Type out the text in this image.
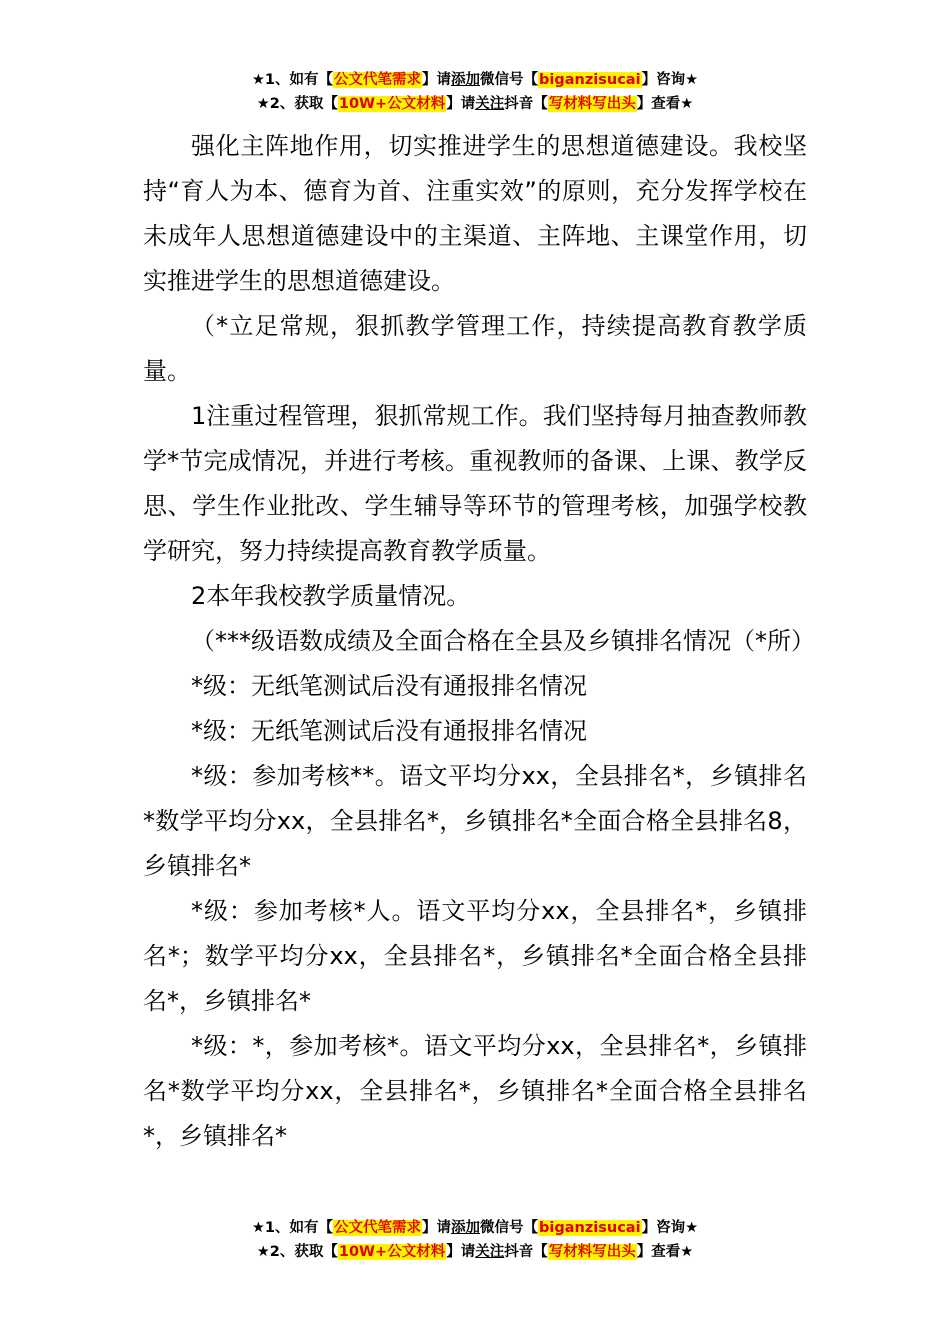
★1、如有【公文代笔需求】请添加微信号【biganzisucai】咨询★
★2、获取【10W+公文材料】请关注抖音【写材料写出头】查看★

强化主阵地作用，切实推进学生的思想道德建设。我校坚持“育人为本、德育为首、注重实效”的原则，充分发挥学校在未成年人思想道德建设中的主渠道、主阵地、主课堂作用，切实推进学生的思想道德建设。

（*立足常规，狠抓教学管理工作，持续提高教育教学质量。

1注重过程管理，狠抓常规工作。我们坚持每月抽查教师教学*节完成情况，并进行考核。重视教师的备课、上课、教学反思、学生作业批改、学生辅导等环节的管理考核，加强学校教学研究，努力持续提高教育教学质量。

2本年我校教学质量情况。

（***级语数成绩及全面合格在全县及乡镇排名情况（*所）

*级：无纸笔测试后没有通报排名情况

*级：无纸笔测试后没有通报排名情况

*级：参加考核**。语文平均分xx，全县排名*，乡镇排名*数学平均分xx，全县排名*，乡镇排名*全面合格全县排名8，乡镇排名*

*级：参加考核*人。语文平均分xx，全县排名*，乡镇排名*；数学平均分xx，全县排名*，乡镇排名*全面合格全县排名*，乡镇排名*

*级：*，参加考核*。语文平均分xx，全县排名*，乡镇排名*数学平均分xx，全县排名*，乡镇排名*全面合格全县排名*，乡镇排名*

★1、如有【公文代笔需求】请添加微信号【biganzisucai】咨询★
★2、获取【10W+公文材料】请关注抖音【写材料写出头】查看★
